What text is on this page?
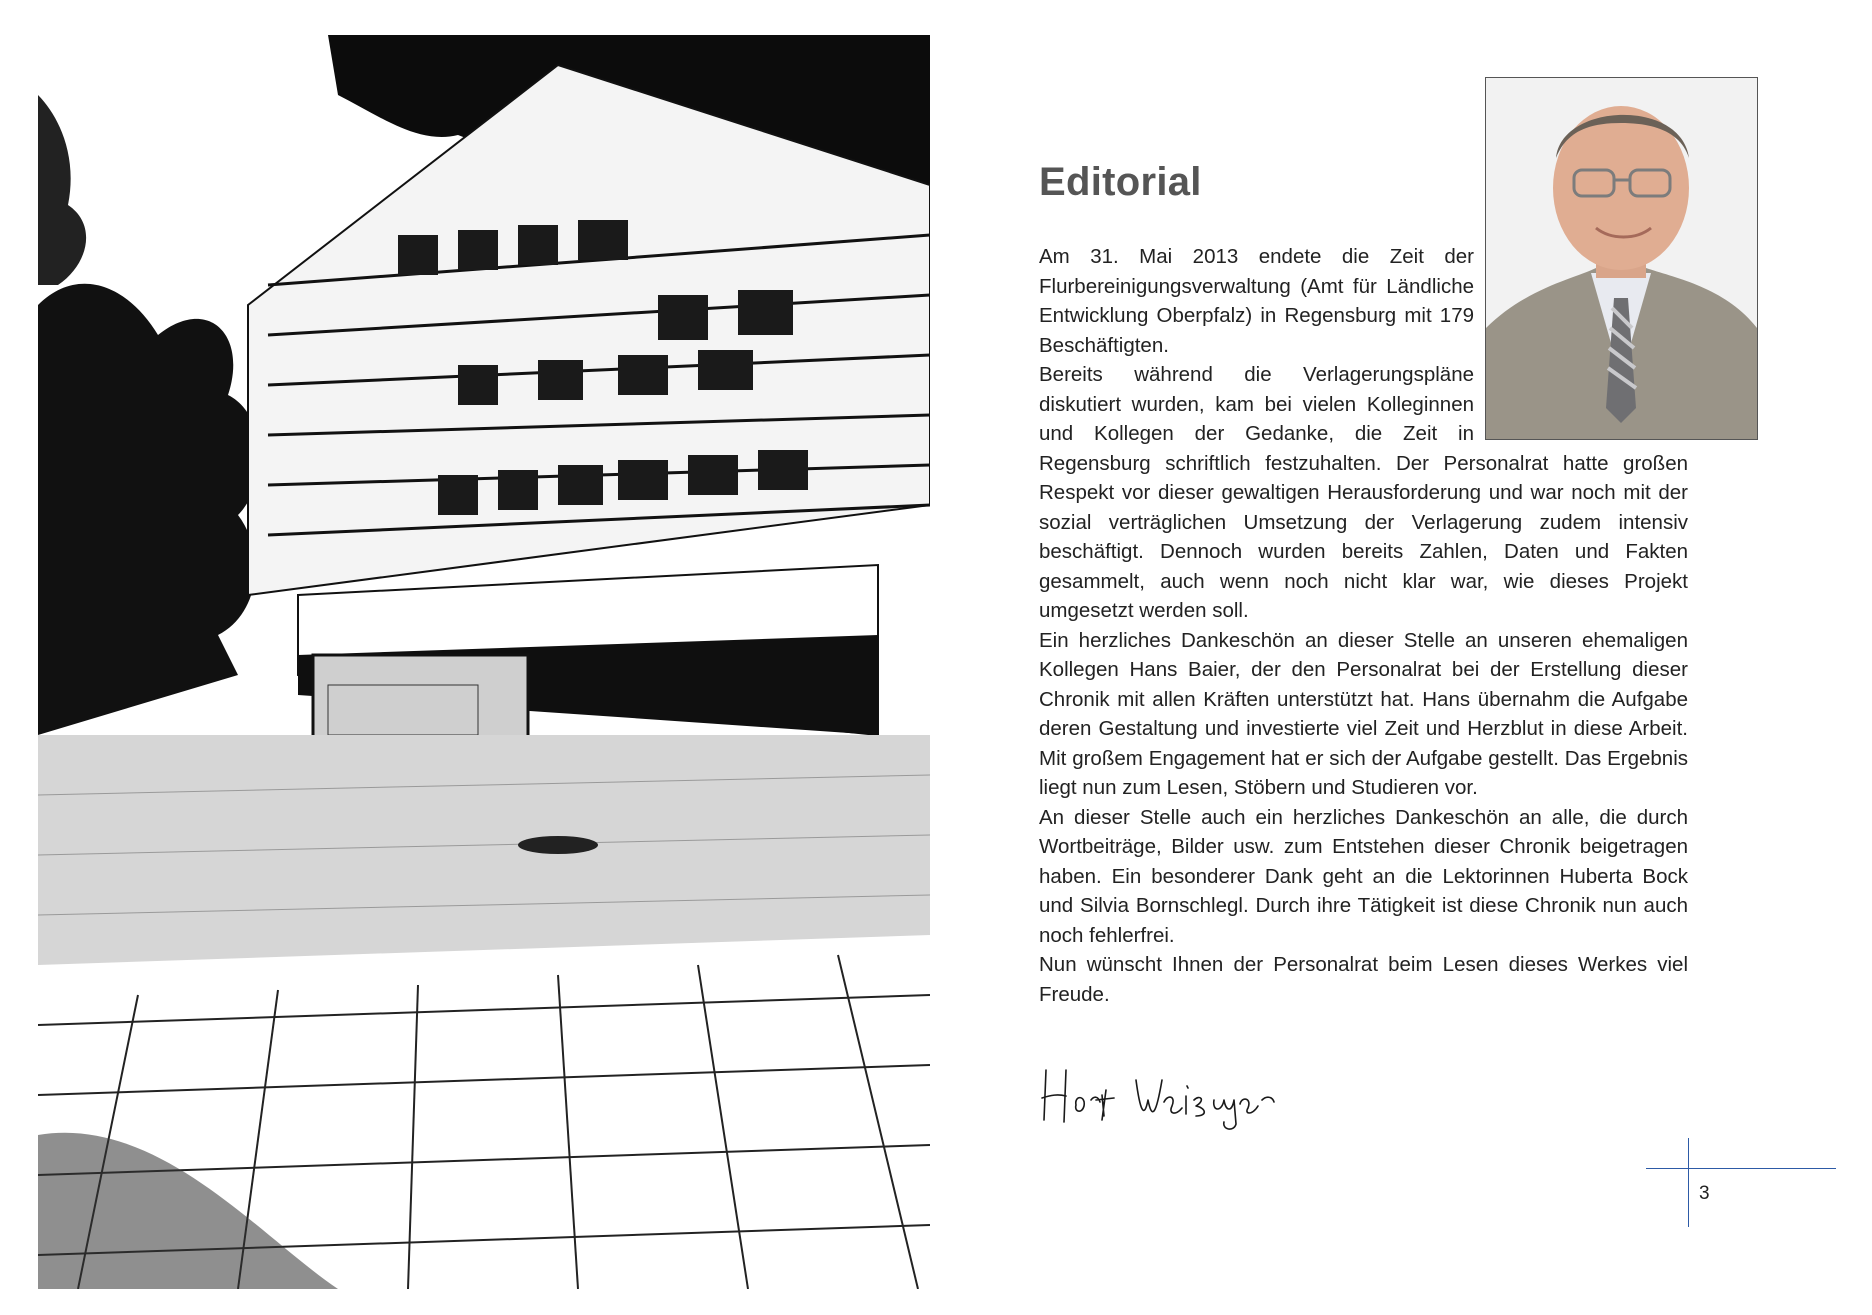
Editorial

Am 31. Mai 2013 endete die Zeit der Flurbereinigungsverwaltung (Amt für Ländliche Entwicklung Oberpfalz) in Regensburg mit 179 Beschäftigten.

Bereits während die Verlagerungspläne diskutiert wurden, kam bei vielen Kolleginnen und Kollegen der Gedanke, die Zeit in Regensburg schriftlich festzuhalten. Der Personalrat hatte großen Respekt vor dieser gewaltigen Herausforderung und war noch mit der sozial verträglichen Umsetzung der Verlagerung zudem intensiv beschäftigt. Dennoch wurden bereits Zahlen, Daten und Fakten gesammelt, auch wenn noch nicht klar war, wie dieses Projekt umgesetzt werden soll.

Ein herzliches Dankeschön an dieser Stelle an unseren ehemaligen Kollegen Hans Baier, der den Personalrat bei der Erstellung dieser Chronik mit allen Kräften unterstützt hat. Hans übernahm die Aufgabe deren Gestaltung und investierte viel Zeit und Herzblut in diese Arbeit. Mit großem Engagement hat er sich der Aufgabe gestellt. Das Ergebnis liegt nun zum Lesen, Stöbern und Studieren vor.

An dieser Stelle auch ein herzliches Dankeschön an alle, die durch Wortbeiträge, Bilder usw. zum Entstehen dieser Chronik beigetragen haben. Ein besonderer Dank geht an die Lektorinnen Huberta Bock und Silvia Bornschlegl. Durch ihre Tätigkeit ist diese Chronik nun auch noch fehlerfrei.

Nun wünscht Ihnen der Personalrat beim Lesen dieses Werkes viel Freude.

3
